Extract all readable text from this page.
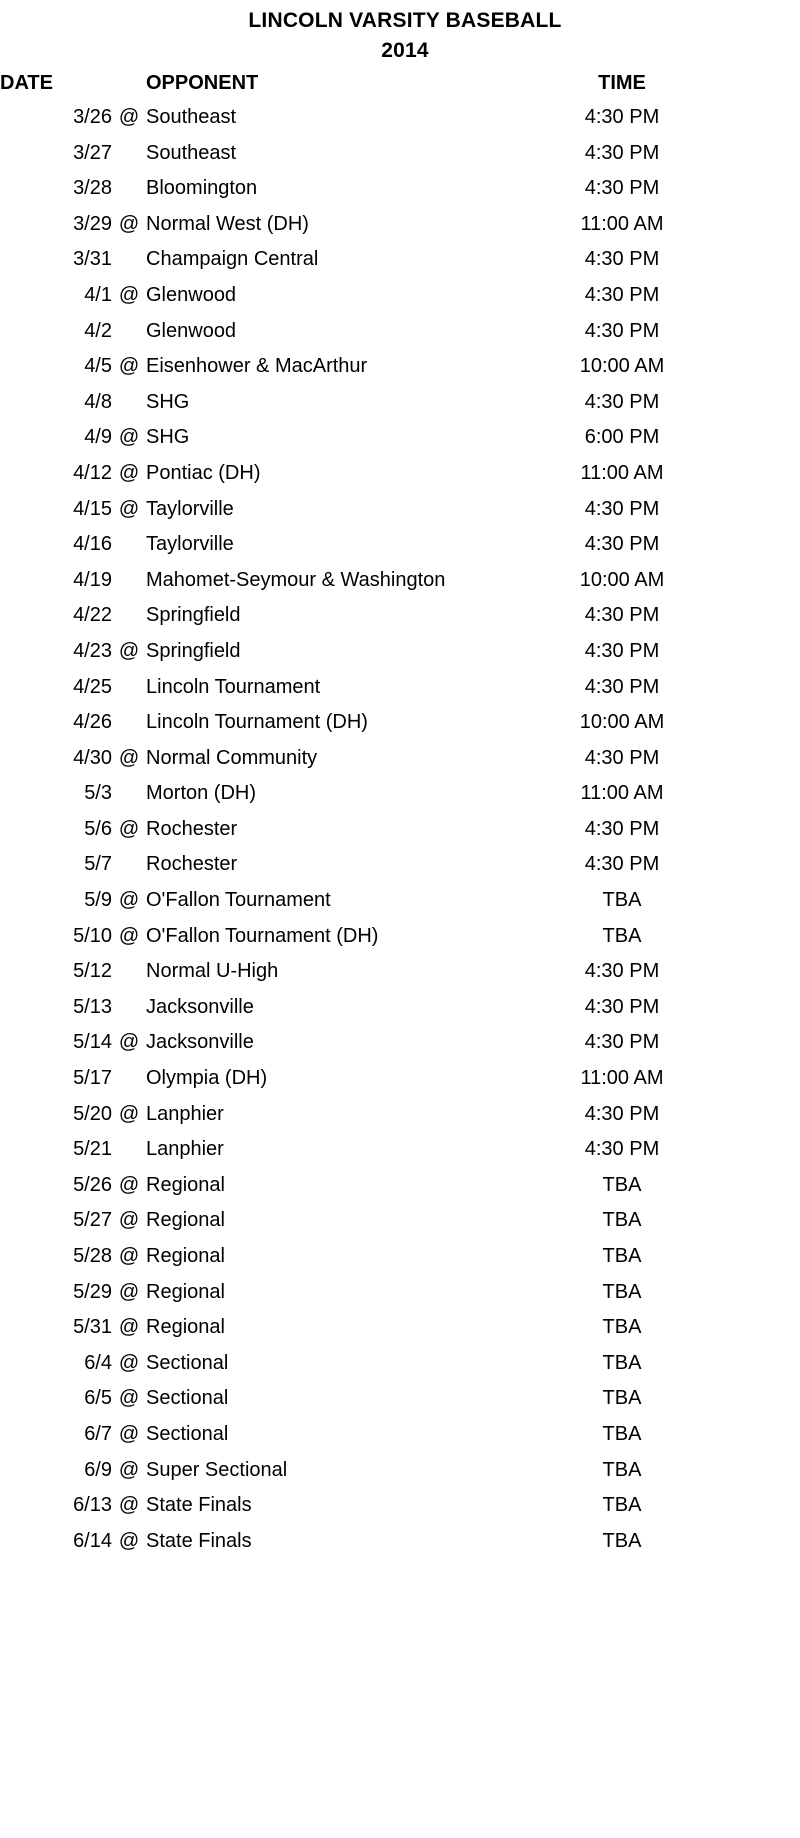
LINCOLN VARSITY BASEBALL
2014
DATE		OPPONENT	TIME
3/26	@	Southeast	4:30 PM
3/27		Southeast	4:30 PM
3/28		Bloomington	4:30 PM
3/29	@	Normal West (DH)	11:00 AM
3/31		Champaign Central	4:30 PM
4/1	@	Glenwood	4:30 PM
4/2		Glenwood	4:30 PM
4/5	@	Eisenhower & MacArthur	10:00 AM
4/8		SHG	4:30 PM
4/9	@	SHG	6:00 PM
4/12	@	Pontiac (DH)	11:00 AM
4/15	@	Taylorville	4:30 PM
4/16		Taylorville	4:30 PM
4/19		Mahomet-Seymour & Washington	10:00 AM
4/22		Springfield	4:30 PM
4/23	@	Springfield	4:30 PM
4/25		Lincoln Tournament	4:30 PM
4/26		Lincoln Tournament (DH)	10:00 AM
4/30	@	Normal Community	4:30 PM
5/3		Morton (DH)	11:00 AM
5/6	@	Rochester	4:30 PM
5/7		Rochester	4:30 PM
5/9	@	O'Fallon Tournament	TBA
5/10	@	O'Fallon Tournament (DH)	TBA
5/12		Normal U-High	4:30 PM
5/13		Jacksonville	4:30 PM
5/14	@	Jacksonville	4:30 PM
5/17		Olympia (DH)	11:00 AM
5/20	@	Lanphier	4:30 PM
5/21		Lanphier	4:30 PM
5/26	@	Regional	TBA
5/27	@	Regional	TBA
5/28	@	Regional	TBA
5/29	@	Regional	TBA
5/31	@	Regional	TBA
6/4	@	Sectional	TBA
6/5	@	Sectional	TBA
6/7	@	Sectional	TBA
6/9	@	Super Sectional	TBA
6/13	@	State Finals	TBA
6/14	@	State Finals	TBA
